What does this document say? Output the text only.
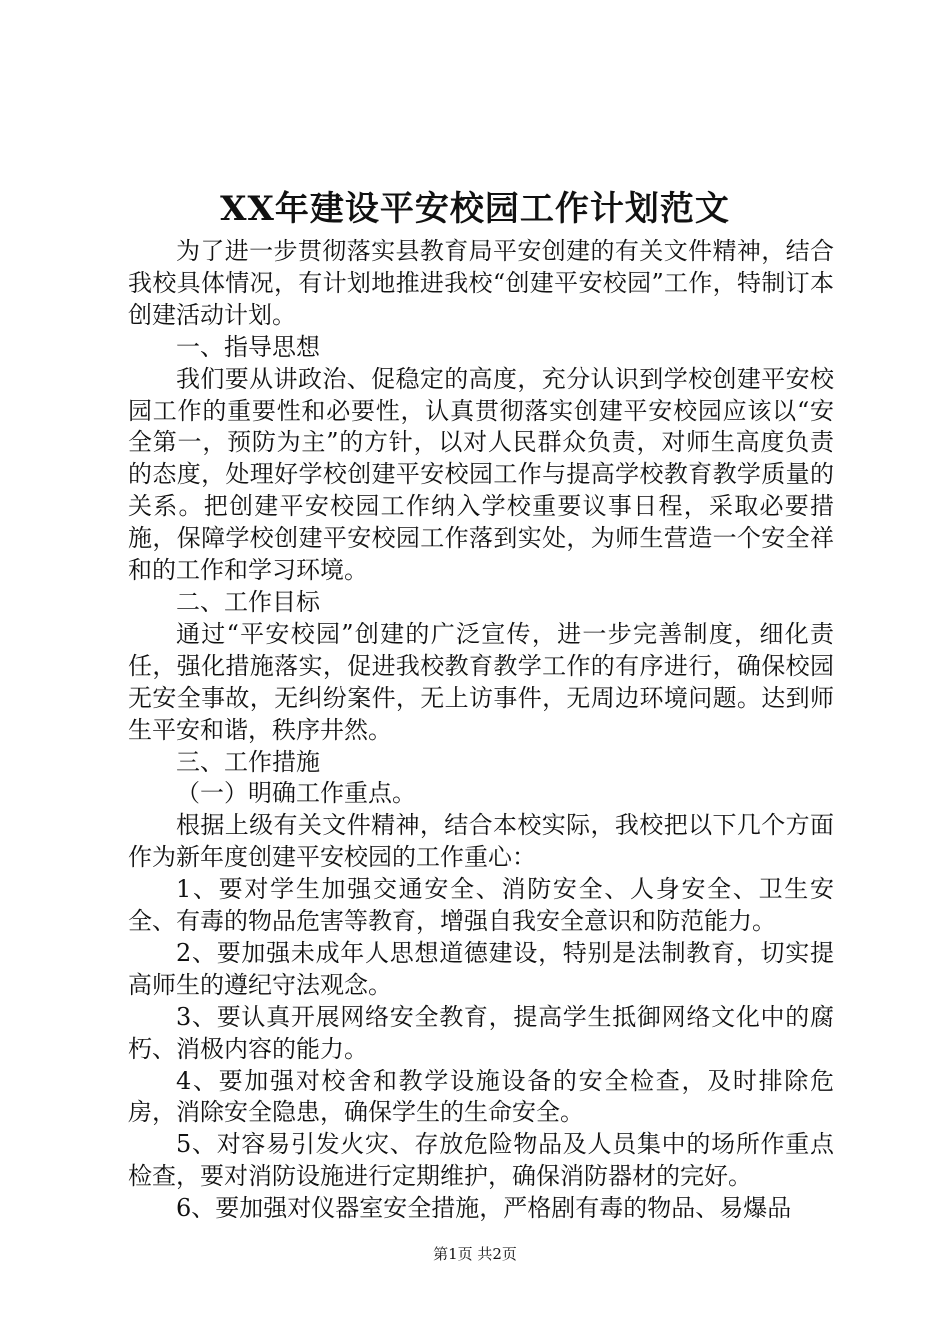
XX年建设平安校园工作计划范文

为了进一步贯彻落实县教育局平安创建的有关文件精神，结合我校具体情况，有计划地推进我校“创建平安校园”工作，特制订本创建活动计划。

一、指导思想

我们要从讲政治、促稳定的高度，充分认识到学校创建平安校园工作的重要性和必要性，认真贯彻落实创建平安校园应该以“安全第一，预防为主”的方针，以对人民群众负责，对师生高度负责的态度，处理好学校创建平安校园工作与提高学校教育教学质量的关系。把创建平安校园工作纳入学校重要议事日程，采取必要措施，保障学校创建平安校园工作落到实处，为师生营造一个安全祥和的工作和学习环境。

二、工作目标

通过“平安校园”创建的广泛宣传，进一步完善制度，细化责任，强化措施落实，促进我校教育教学工作的有序进行，确保校园无安全事故，无纠纷案件，无上访事件，无周边环境问题。达到师生平安和谐，秩序井然。

三、工作措施

（一）明确工作重点。

根据上级有关文件精神，结合本校实际，我校把以下几个方面作为新年度创建平安校园的工作重心：

1、要对学生加强交通安全、消防安全、人身安全、卫生安全、有毒的物品危害等教育，增强自我安全意识和防范能力。

2、要加强未成年人思想道德建设，特别是法制教育，切实提高师生的遵纪守法观念。

3、要认真开展网络安全教育，提高学生抵御网络文化中的腐朽、消极内容的能力。

4、要加强对校舍和教学设施设备的安全检查，及时排除危房，消除安全隐患，确保学生的生命安全。

5、对容易引发火灾、存放危险物品及人员集中的场所作重点检查，要对消防设施进行定期维护，确保消防器材的完好。

6、要加强对仪器室安全措施，严格剧有毒的物品、易爆品

第1页 共2页
